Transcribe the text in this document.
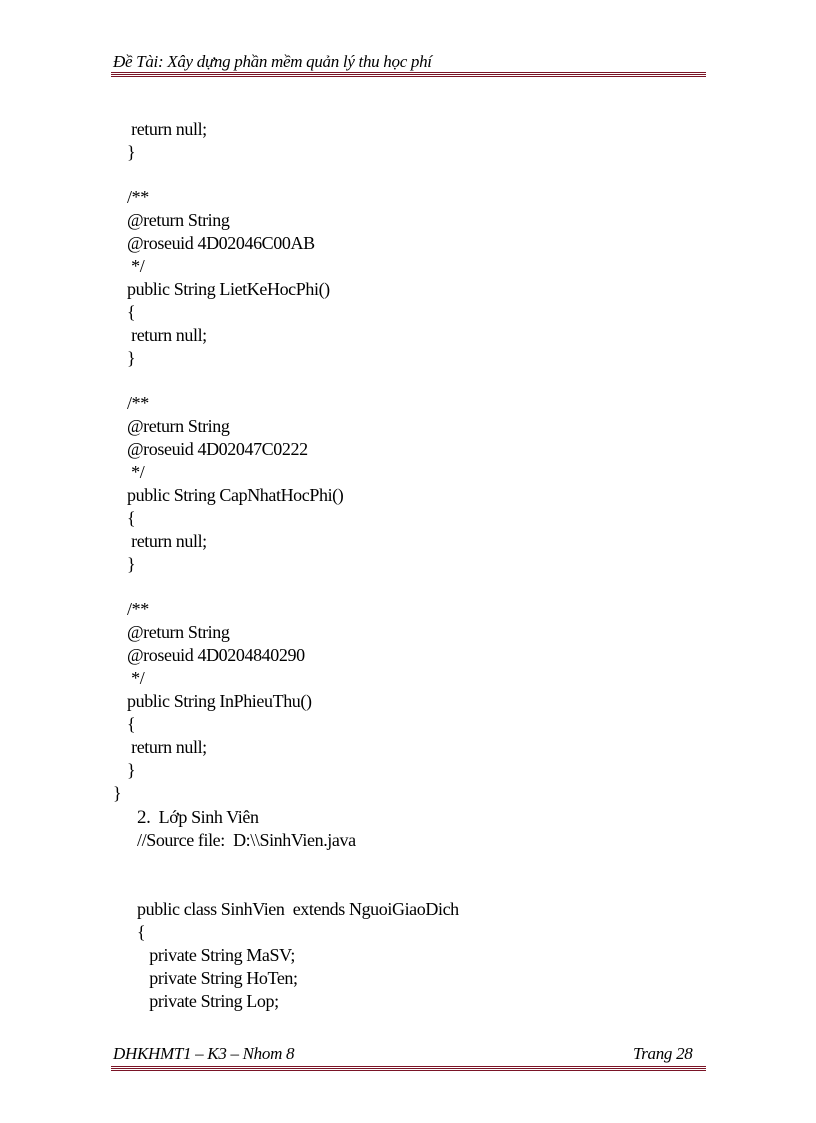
Đề Tài: Xây dựng phần mềm quản lý thu học phí
return null;
}
/**
@return String
@roseuid 4D02046C00AB
*/
public String LietKeHocPhi()
{
return null;
}
/**
@return String
@roseuid 4D02047C0222
*/
public String CapNhatHocPhi()
{
return null;
}
/**
@return String
@roseuid 4D0204840290
*/
public String InPhieuThu()
{
return null;
}
}
2. Lớp Sinh Viên
//Source file:  D:\\SinhVien.java
public class SinhVien  extends NguoiGiaoDich
{
private String MaSV;
private String HoTen;
private String Lop;
DHKHMT1 – K3 – Nhom 8	Trang 28
